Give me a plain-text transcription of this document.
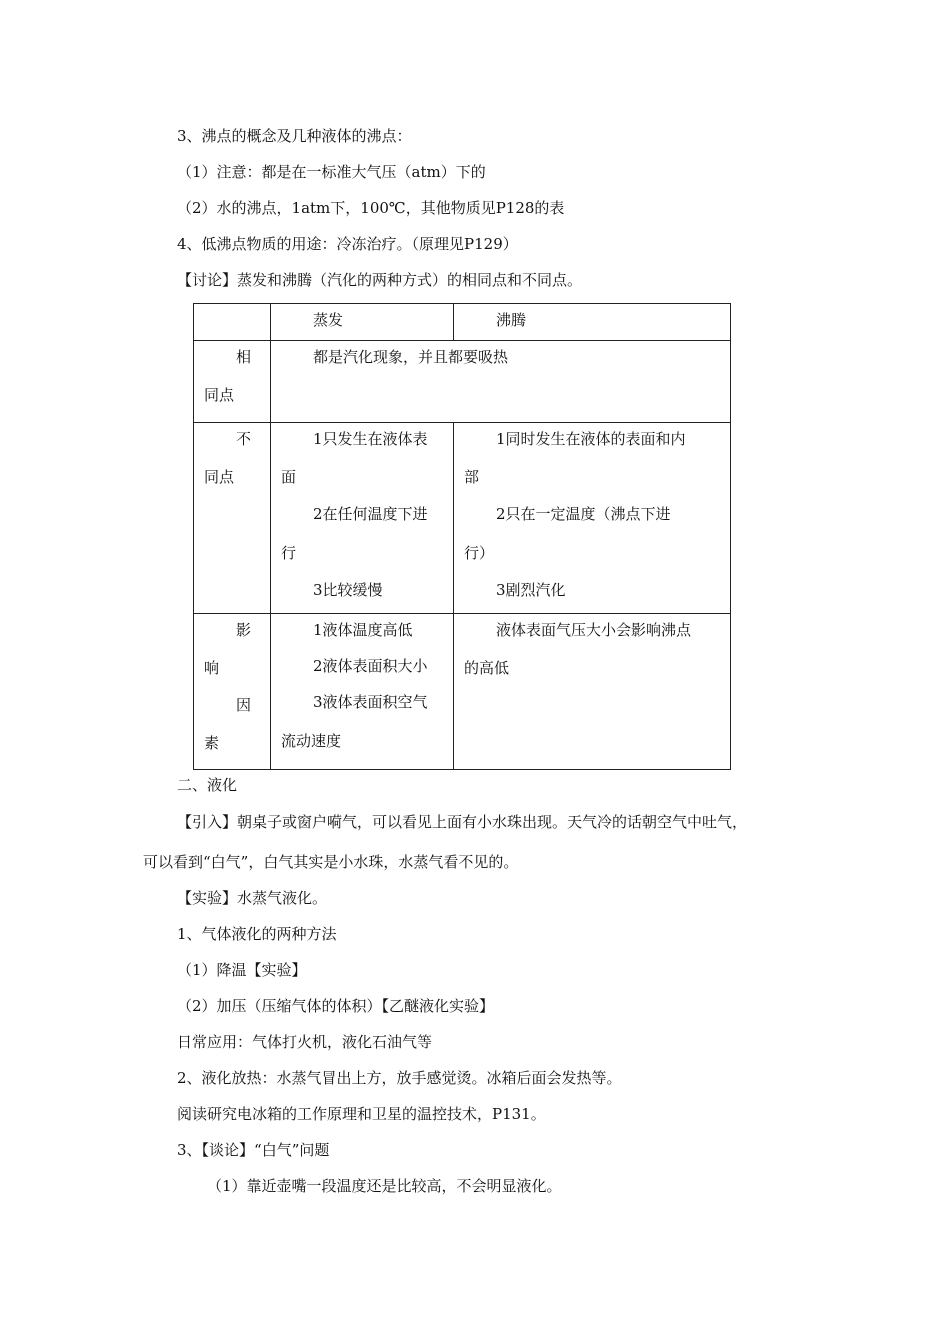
3、沸点的概念及几种液体的沸点：
（1）注意：都是在一标准大气压（atm）下的
（2）水的沸点，1atm下，100℃，其他物质见P128的表
4、低沸点物质的用途：冷冻治疗。（原理见P129）
【讨论】蒸发和沸腾（汽化的两种方式）的相同点和不同点。

	蒸发	沸腾

相
同点	都是汽化现象，并且都要吸热	

不
同点	1只发生在液体表
面
2在任何温度下进
行
3比较缓慢	1同时发生在液体的表面和内
部
2只在一定温度（沸点下进
行）
3剧烈汽化

影
响
因
素	1液体温度高低
2液体表面积大小
3液体表面积空气
流动速度	液体表面气压大小会影响沸点
的高低
二、液化
【引入】朝桌子或窗户嗬气，可以看见上面有小水珠出现。天气冷的话朝空气中吐气，
可以看到“白气”，白气其实是小水珠，水蒸气看不见的。
【实验】水蒸气液化。
1、气体液化的两种方法
（1）降温【实验】
（2）加压（压缩气体的体积）【乙醚液化实验】
日常应用：气体打火机，液化石油气等
2、液化放热：水蒸气冒出上方，放手感觉烫。冰箱后面会发热等。
阅读研究电冰箱的工作原理和卫星的温控技术，P131。
3、【谈论】“白气”问题
（1）靠近壶嘴一段温度还是比较高，不会明显液化。
